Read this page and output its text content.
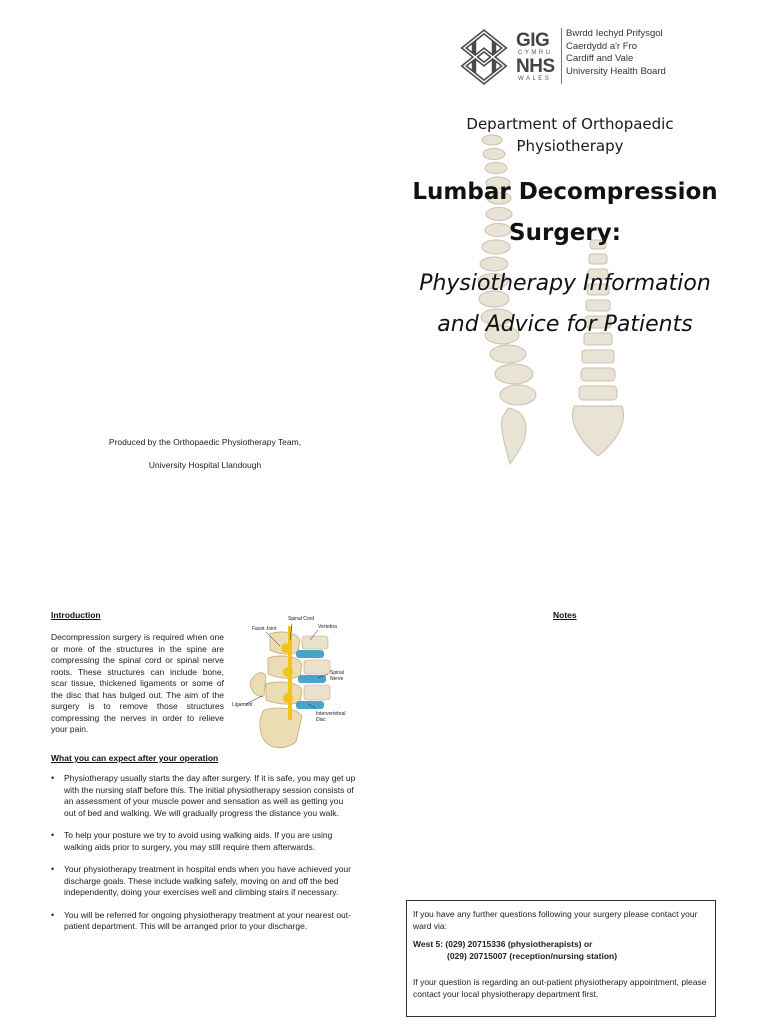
GIG
CYMRU
NHS
WALES
Bwrdd Iechyd Prifysgol
Caerdydd a'r Fro
Cardiff and Vale
University Health Board
Department of Orthopaedic Physiotherapy
Lumbar Decompression Surgery:
Physiotherapy Information and Advice for Patients

Produced by the Orthopaedic Physiotherapy Team,

University Hospital Llandough

Introduction
Decompression surgery is required when one or more of the structures in the spine are compressing the spinal cord or spinal nerve roots. These structures can include bone, scar tissue, thickened ligaments or some of the disc that has bulged out. The aim of the surgery is to remove those structures compressing the nerves in order to relieve your pain.
Spinal Cord
Facet Joint	Vertebra
Spinal Nerve
Ligament
Intervertebral Disc
What you can expect after your operation
• Physiotherapy usually starts the day after surgery. If it is safe, you may get up with the nursing staff before this. The initial physiotherapy session consists of an assessment of your muscle power and sensation as well as getting you out of bed and walking. We will gradually progress the distance you walk.
• To help your posture we try to avoid using walking aids. If you are using walking aids prior to surgery, you may still require them afterwards.
• Your physiotherapy treatment in hospital ends when you have achieved your discharge goals. These include walking safely, moving on and off the bed independently, doing your exercises well and climbing stairs if necessary.
• You will be referred for ongoing physiotherapy treatment at your nearest out-patient department. This will be arranged prior to your discharge.
Notes

If you have any further questions following your surgery please contact your ward via:

West 5: (029) 20715336 (physiotherapists) or

(029) 20715007 (reception/nursing station)

If your question is regarding an out-patient physiotherapy appointment, please contact your local physiotherapy department first.
